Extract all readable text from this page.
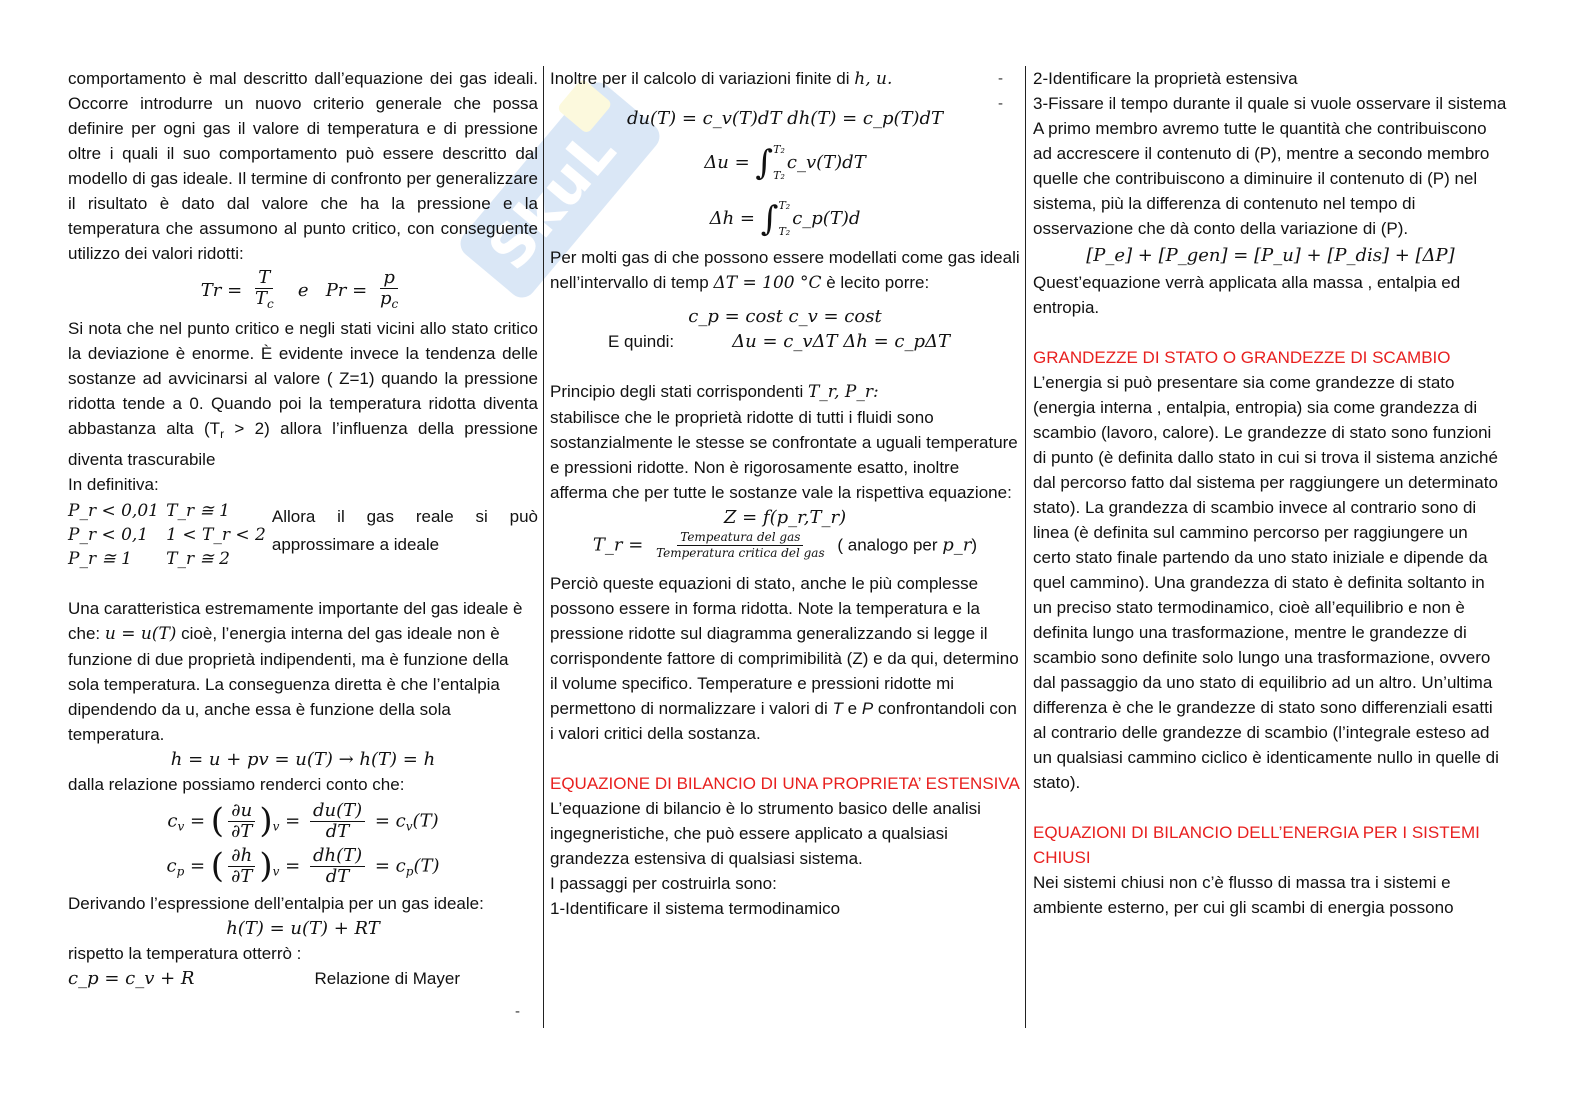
SkuL

comportamento è mal descritto dall’equazione dei gas ideali. Occorre introdurre un nuovo criterio generale che possa definire per ogni gas il valore di temperatura e di pressione oltre i quali il suo comportamento può essere descritto dal modello di gas ideale. Il termine di confronto per generalizzare il risultato è dato dal valore che ha la pressione e la temperatura che assumono al punto critico, con conseguente utilizzo dei valori ridotti:

$Tr = \frac{T}{T_c}$ e $Pr = \frac{p}{p_c}$

Si nota che nel punto critico e negli stati vicini allo stato critico la deviazione è enorme. È evidente invece la tendenza delle sostanze ad avvicinarsi al valore ( Z=1) quando la pressione ridotta tende a 0. Quando poi la temperatura ridotta diventa abbastanza alta $(T_r > 2)$ allora l’influenza della pressione diventa trascurabile

In definitiva:

P_r < 0,01
P_r < 0,1
P_r ≅ 1
T_r ≅ 1
1 < T_r < 2
T_r ≅ 2
Allora il gas reale si può approssimare a ideale

Una caratteristica estremamente importante del gas ideale è che: u = u(T) cioè, l’energia interna del gas ideale non è funzione di due proprietà indipendenti, ma è funzione della sola temperatura. La conseguenza diretta è che l’entalpia dipendendo da u, anche essa è funzione della sola temperatura.

h = u + pv = u(T) → h(T) = h

dalla relazione possiamo renderci conto che:

$c_v$ = ( $\frac{\partial u}{\partial T} )_v = \frac{du(T)}{dT} = c_v(T)$
$c_p$ = ( $\frac{\partial h}{\partial T} )_v = \frac{dh(T)}{dT} = c_p(T)$

Derivando l’espressione dell’entalpia per un gas ideale:

h(T) = u(T) + RT

rispetto la temperatura otterrò :

c_p = c_v + R	Relazione di Mayer
-

Inoltre per il calcolo di variazioni finite di h, u.

du(T) = c_v(T)dT dh(T) = c_p(T)dT
Δu = ∫ T₂
T₂
c_v(T)dT
Δh = ∫ T₂
T₂
c_p(T)d

Per molti gas di che possono essere modellati come gas ideali nell’intervallo di temp ΔT = 100 °C è lecito porre:

c_p = cost c_v = cost
E quindi:	Δu = c_vΔT Δh = c_pΔT

Principio degli stati corrispondenti T_r, P_r:

stabilisce che le proprietà ridotte di tutti i fluidi sono sostanzialmente le stesse se confrontate a uguali temperature e pressioni ridotte. Non è rigorosamente esatto, inoltre afferma che per tutte le sostanze vale la rispettiva equazione:

Z = f(p_r,T_r)
T_r = $\frac{\text{Tempeatura del gas}}{\text{Temperatura critica del gas}}$ ( analogo per p_r)

Perciò queste equazioni di stato, anche le più complesse possono essere in forma ridotta. Note la temperatura e la pressione ridotte sul diagramma generalizzando si legge il corrispondente fattore di comprimibilità (Z) e da qui, determino il volume specifico. Temperature e pressioni ridotte mi permettono di normalizzare i valori di T e P confrontandoli con i valori critici della sostanza.

EQUAZIONE DI BILANCIO DI UNA PROPRIETA’ ESTENSIVA

L’equazione di bilancio è lo strumento basico delle analisi ingegneristiche, che può essere applicato a qualsiasi grandezza estensiva di qualsiasi sistema.

I passaggi per costruirla sono:

1-Identificare il sistema termodinamico

-
-

2-Identificare la proprietà estensiva

3-Fissare il tempo durante il quale si vuole osservare il sistema

A primo membro avremo tutte le quantità che contribuiscono ad accrescere il contenuto di (P), mentre a secondo membro quelle che contribuiscono a diminuire il contenuto di (P) nel sistema, più la differenza di contenuto nel tempo di osservazione che dà conto della variazione di (P).

[P_e] + [P_gen] = [P_u] + [P_dis] + [ΔP]

Quest’equazione verrà applicata alla massa , entalpia ed entropia.

GRANDEZZE DI STATO O GRANDEZZE DI SCAMBIO

L’energia si può presentare sia come grandezze di stato (energia interna , entalpia, entropia) sia come grandezza di scambio (lavoro, calore). Le grandezze di stato sono funzioni di punto (è definita dallo stato in cui si trova il sistema anziché dal percorso fatto dal sistema per raggiungere un determinato stato). La grandezza di scambio invece al contrario sono di linea (è definita sul cammino percorso per raggiungere un certo stato finale partendo da uno stato iniziale e dipende da quel cammino). Una grandezza di stato è definita soltanto in un preciso stato termodinamico, cioè all’equilibrio e non è definita lungo una trasformazione, mentre le grandezze di scambio sono definite solo lungo una trasformazione, ovvero dal passaggio da uno stato di equilibrio ad un altro. Un’ultima differenza è che le grandezze di stato sono differenziali esatti al contrario delle grandezze di scambio (l’integrale esteso ad un qualsiasi cammino ciclico è identicamente nullo in quelle di stato).

EQUAZIONI DI BILANCIO DELL’ENERGIA PER I SISTEMI CHIUSI

Nei sistemi chiusi non c’è flusso di massa tra i sistemi e ambiente esterno, per cui gli scambi di energia possono
